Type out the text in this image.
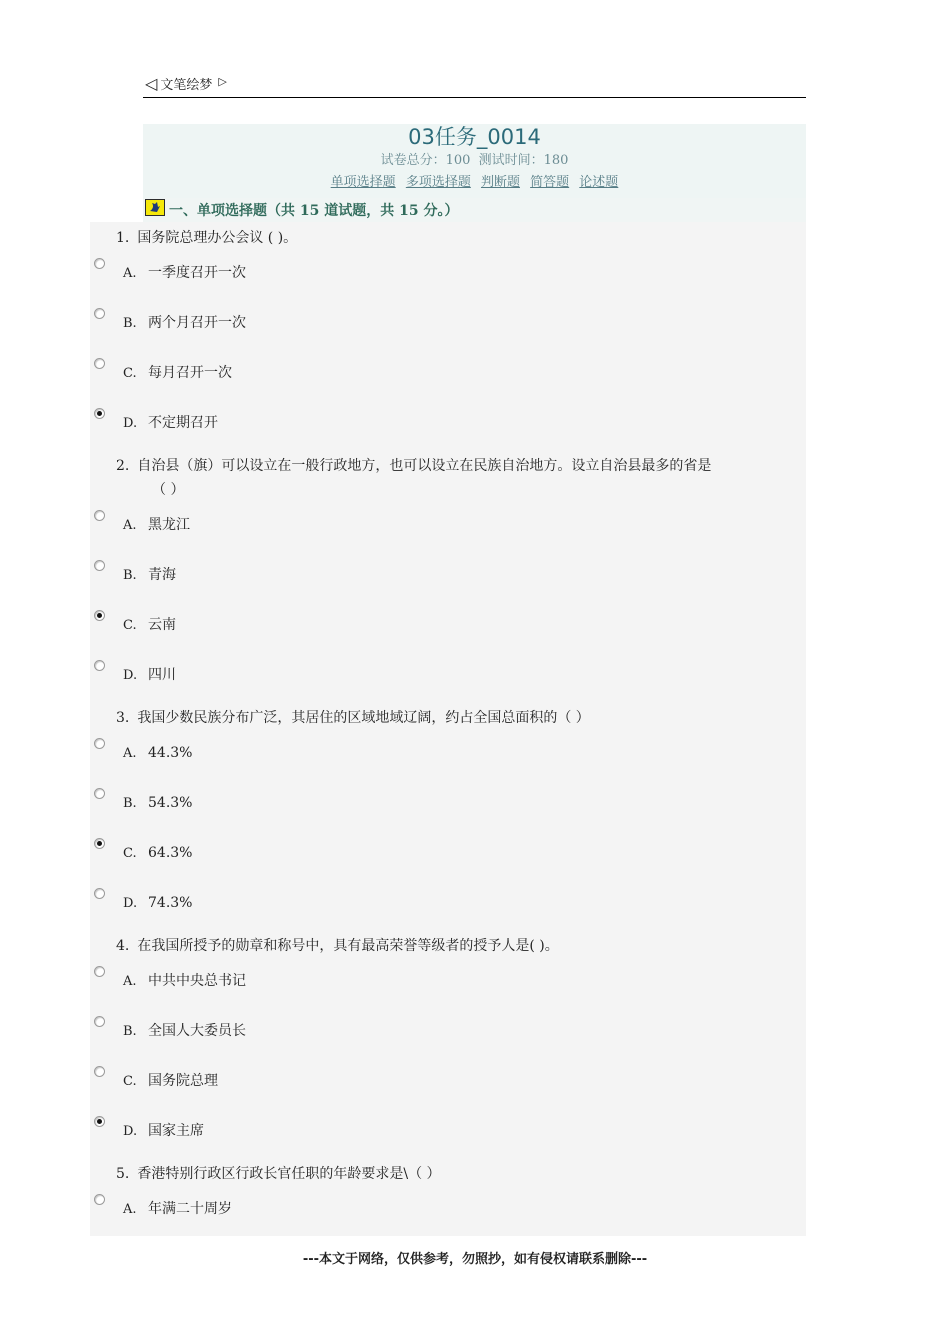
◁ 文笔绘梦 ▷
03任务_0014
试卷总分：100 测试时间：180
单项选择题 多项选择题 判断题 简答题 论述题
一、单项选择题（共 15 道试题，共 15 分。）
1. 国务院总理办公会议 ( )。
A. 一季度召开一次
B. 两个月召开一次
C. 每月召开一次
D. 不定期召开
2. 自治县（旗）可以设立在一般行政地方，也可以设立在民族自治地方。设立自治县最多的省是
（ ）
A. 黑龙江
B. 青海
C. 云南
D. 四川
3. 我国少数民族分布广泛，其居住的区域地域辽阔，约占全国总面积的（ ）
A. 44.3%
B. 54.3%
C. 64.3%
D. 74.3%
4. 在我国所授予的勋章和称号中，具有最高荣誉等级者的授予人是( )。
A. 中共中央总书记
B. 全国人大委员长
C. 国务院总理
D. 国家主席
5. 香港特别行政区行政长官任职的年龄要求是\（ ）
A. 年满二十周岁
---本文于网络，仅供参考，勿照抄，如有侵权请联系删除---
